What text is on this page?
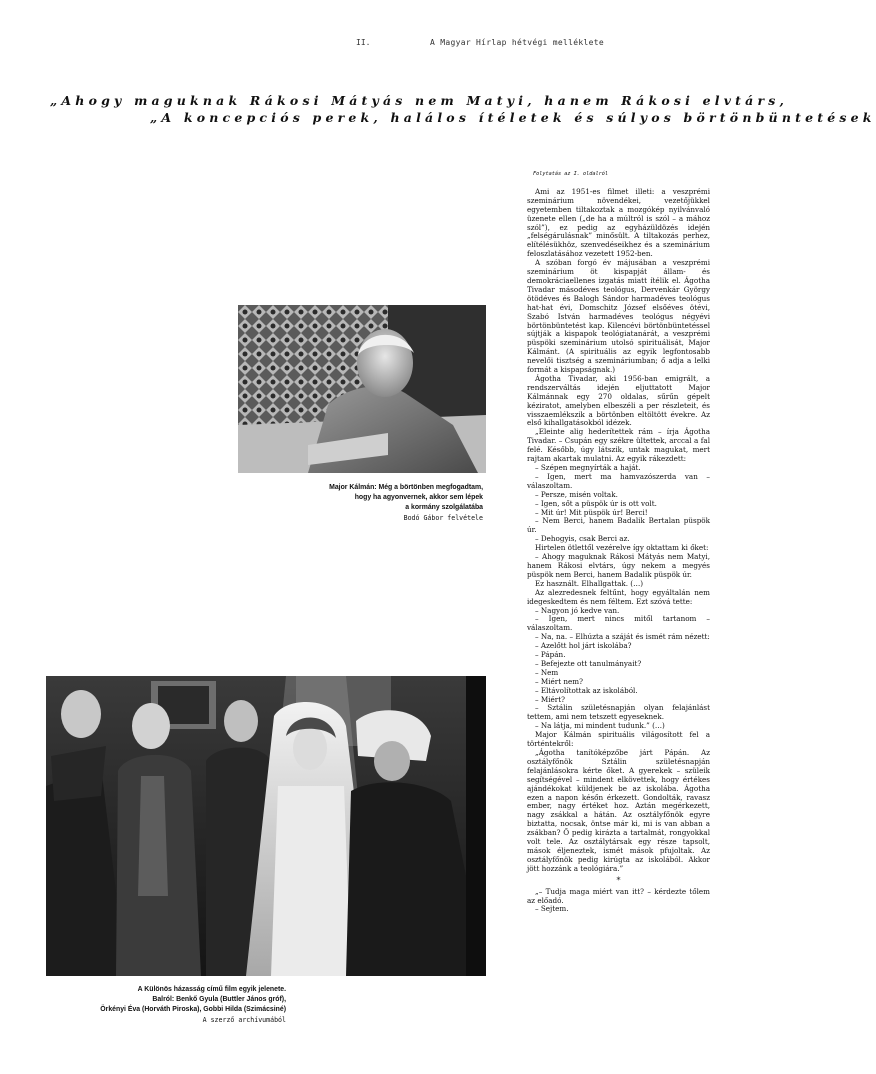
II.	A Magyar Hírlap hétvégi melléklete
„Ahogy maguknak Rákosi Mátyás nem Matyi, hanem Rákosi elvtárs,
„A koncepciós perek, halálos ítéletek és súlyos börtönbüntetések
Major Kálmán: Még a börtönben megfogadtam,
hogy ha agyonvernek, akkor sem lépek
a kormány szolgálatába
Bodó Gábor felvétele
A Különös házasság című film egyik jelenete.
Balról: Benkő Gyula (Buttler János gróf),
Örkényi Éva (Horváth Piroska), Gobbi Hilda (Szimácsiné)
A szerző archívumából
Folytatás az I. oldalról

Ami az 1951-es filmet illeti: a veszprémi szeminárium növendékei, vezetőjükkel egyetemben tiltakoztak a mozgókép nyilvánvaló üzenete ellen („de ha a múltról is szól – a mához szól”), ez pedig az egyházüldözés idején „felségárulásnak” minősült. A tiltakozás perhez, elítélésükhöz, szenvedéseikhez és a szeminárium feloszlatásához vezetett 1952-ben.

A szóban forgó év májusában a veszprémi szeminárium öt kispapját állam- és demokráciaellenes izgatás miatt ítélik el. Ágotha Tivadar másodéves teológus, Dervenkár György ötödéves és Balogh Sándor harmadéves teológus hat-hat évi, Domschitz József elsőéves ötévi, Szabó István harmadéves teológus négyévi börtönbüntetést kap. Kilencévi börtönbüntetéssel sújtják a kispapok teológiatanárát, a veszprémi püspöki szeminárium utolsó spirituálisát, Major Kálmánt. (A spirituális az egyik legfontosabb nevelői tisztség a szemináriumban; ő adja a lelki formát a kispapságnak.)

Ágotha Tivadar, aki 1956-ban emigrált, a rendszerváltás idején eljuttatott Major Kálmánnak egy 270 oldalas, sűrűn gépelt kéziratot, amelyben elbeszéli a per részleteit, és visszaemlékszik a börtönben eltöltött évekre. Az első kihallgatásokból idézek.

„Eleinte alig hederítettek rám – írja Ágotha Tivadar. – Csupán egy székre ültettek, arccal a fal felé. Később, úgy látszik, untak magukat, mert rajtam akartak mulatni. Az egyik rákezdett:

– Szépen megnyírták a haját.

– Igen, mert ma hamvazószerda van – válaszoltam.

– Persze, misén voltak.

– Igen, sőt a püspök úr is ott volt.

– Mit úr! Mit püspök úr! Berci!

– Nem Berci, hanem Badalik Bertalan püspök úr.

– Dehogyis, csak Berci az.

Hirtelen ötlettől vezérelve így oktattam ki őket:

– Ahogy maguknak Rákosi Mátyás nem Matyi, hanem Rákosi elvtárs, úgy nekem a megyés püspök nem Berci, hanem Badalik püspök úr.

Ez használt. Elhallgattak. (…)

Az alezredesnek feltűnt, hogy egyáltalán nem idegeskedtem és nem féltem. Ezt szóvá tette:

– Nagyon jó kedve van.

– Igen, mert nincs mitől tartanom – válaszoltam.

– Na, na. – Elhúzta a száját és ismét rám nézett:

– Azelőtt hol járt iskolába?

– Pápán.

– Befejezte ott tanulmányait?

– Nem

– Miért nem?

– Eltávolítottak az iskolából.

– Miért?

– Sztálin születésnapján olyan felajánlást tettem, ami nem tetszett egyeseknek.

– Na látja, mi mindent tudunk.” (…)

Major Kálmán spirituális világosított fel a történtekről:

„Ágotha tanítóképzőbe járt Pápán. Az osztályfőnök Sztálin születésnapján felajánlásokra kérte őket. A gyerekek – szüleik segítségével – mindent elkövettek, hogy értékes ajándékokat küldjenek be az iskolába. Ágotha ezen a napon későn érkezett. Gondolták, ravasz ember, nagy értéket hoz. Aztán megérkezett, nagy zsákkal a hátán. Az osztályfőnök egyre biztatta, nocsak, öntse már ki, mi is van abban a zsákban? Ő pedig kirázta a tartalmát, rongyokkal volt tele. Az osztálytársak egy része tapsolt, mások éljeneztek, ismét mások pfujoltak. Az osztályfőnök pedig kirúgta az iskolából. Akkor jött hozzánk a teológiára.”

*

„– Tudja maga miért van itt? – kérdezte tőlem az előadó.

– Sejtem.
